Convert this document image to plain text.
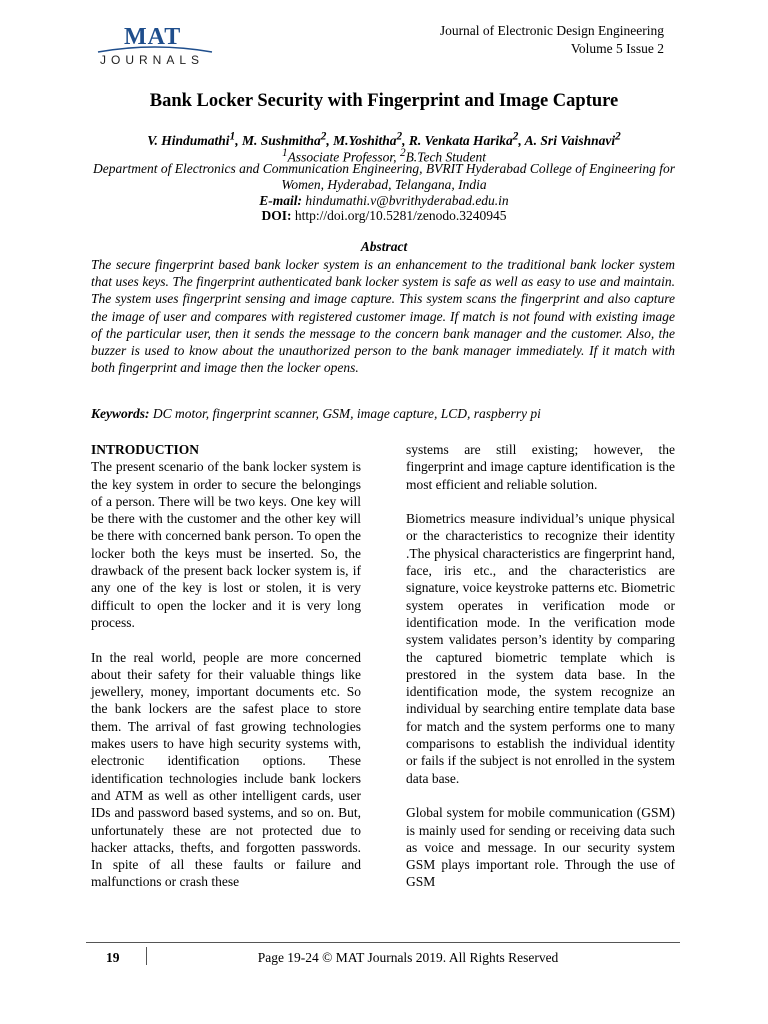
MAT
JOURNALS
Journal of Electronic Design Engineering
Volume 5 Issue 2
Bank Locker Security with Fingerprint and Image Capture
V. Hindumathi$^1$, M. Sushmitha$^2$, M.Yoshitha$^2$, R. Venkata Harika$^2$, A. Sri Vaishnavi$^2$
$^1$Associate Professor, $^2$B.Tech Student
Department of Electronics and Communication Engineering, BVRIT Hyderabad College of Engineering for Women, Hyderabad, Telangana, India
E-mail: hindumathi.v@bvrithyderabad.edu.in
DOI: http://doi.org/10.5281/zenodo.3240945
Abstract
The secure fingerprint based bank locker system is an enhancement to the traditional bank locker system that uses keys. The fingerprint authenticated bank locker system is safe as well as easy to use and maintain. The system uses fingerprint sensing and image capture. This system scans the fingerprint and also capture the image of user and compares with registered customer image. If match is not found with existing image of the particular user, then it sends the message to the concern bank manager and the customer. Also, the buzzer is used to know about the unauthorized person to the bank manager immediately. If it match with both fingerprint and image then the locker opens.
Keywords: DC motor, fingerprint scanner, GSM, image capture, LCD, raspberry pi

INTRODUCTION
The present scenario of the bank locker system is the key system in order to secure the belongings of a person. There will be two keys. One key will be there with the customer and the other key will be there with concerned bank person. To open the locker both the keys must be inserted. So, the drawback of the present back locker system is, if any one of the key is lost or stolen, it is very difficult to open the locker and it is very long process.

In the real world, people are more concerned about their safety for their valuable things like jewellery, money, important documents etc. So the bank lockers are the safest place to store them. The arrival of fast growing technologies makes users to have high security systems with, electronic identification options. These identification technologies include bank lockers and ATM as well as other intelligent cards, user IDs and password based systems, and so on. But, unfortunately these are not protected due to hacker attacks, thefts, and forgotten passwords. In spite of all these faults or failure and malfunctions or crash these

systems are still existing; however, the fingerprint and image capture identification is the most efficient and reliable solution.

Biometrics measure individual’s unique physical or the characteristics to recognize their identity .The physical characteristics are fingerprint hand, face, iris etc., and the characteristics are signature, voice keystroke patterns etc. Biometric system operates in verification mode or identification mode. In the verification mode system validates person’s identity by comparing the captured biometric template which is prestored in the system data base. In the identification mode, the system recognize an individual by searching entire template data base for match and the system performs one to many comparisons to establish the individual identity or fails if the subject is not enrolled in the system data base.

Global system for mobile communication (GSM) is mainly used for sending or receiving data such as voice and message. In our security system GSM plays important role. Through the use of GSM

19	Page 19-24 © MAT Journals 2019. All Rights Reserved
